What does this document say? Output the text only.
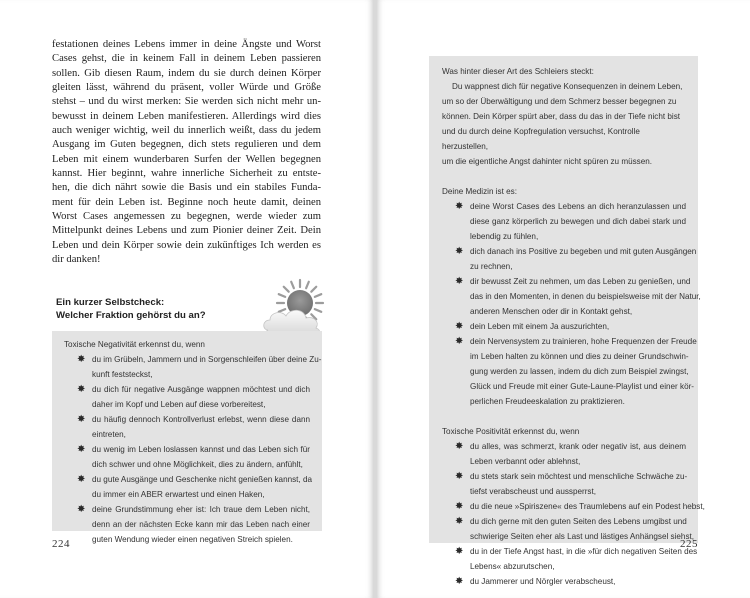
festationen deines Lebens immer in deine Ängste und Worst
Cases gehst, die in keinem Fall in deinem Leben passieren
sollen. Gib diesen Raum, indem du sie durch deinen Körper
gleiten lässt, während du präsent, voller Würde und Größe
stehst – und du wirst merken: Sie werden sich nicht mehr un-
bewusst in deinem Leben manifestieren. Allerdings wird dies
auch weniger wichtig, weil du innerlich weißt, dass du jedem
Ausgang im Guten begegnen, dich stets regulieren und dem
Leben mit einem wunderbaren Surfen der Wellen begegnen
kannst. Hier beginnt, wahre innerliche Sicherheit zu entste-
hen, die dich nährt sowie die Basis und ein stabiles Funda-
ment für dein Leben ist. Beginne noch heute damit, deinen
Worst Cases angemessen zu begegnen, werde wieder zum
Mittelpunkt deines Lebens und zum Pionier deiner Zeit. Dein
Leben und dein Körper sowie dein zukünftiges Ich werden es
dir danken!
Ein kurzer Selbstcheck:
Welcher Fraktion gehörst du an?

Toxische Negativität erkennst du, wenn

✸ du im Grübeln, Jammern und in Sorgenschleifen über deine Zu-
kunft feststeckst,
✸ du dich für negative Ausgänge wappnen möchtest und dich
daher im Kopf und Leben auf diese vorbereitest,
✸ du häufig dennoch Kontrollverlust erlebst, wenn diese dann
eintreten,
✸ du wenig im Leben loslassen kannst und das Leben sich für
dich schwer und ohne Möglichkeit, dies zu ändern, anfühlt,
✸ du gute Ausgänge und Geschenke nicht genießen kannst, da
du immer ein ABER erwartest und einen Haken,
✸ deine Grundstimmung eher ist: Ich traue dem Leben nicht,
denn an der nächsten Ecke kann mir das Leben nach einer
guten Wendung wieder einen negativen Streich spielen.
224

Was hinter dieser Art des Schleiers steckt:

Du wappnest dich für negative Konsequenzen in deinem Leben,

um so der Überwältigung und dem Schmerz besser begegnen zu

können. Dein Körper spürt aber, dass du das in der Tiefe nicht bist

und du durch deine Kopfregulation versuchst, Kontrolle herzustellen,

um die eigentliche Angst dahinter nicht spüren zu müssen.

Deine Medizin ist es:

✸ deine Worst Cases des Lebens an dich heranzulassen und
diese ganz körperlich zu bewegen und dich dabei stark und
lebendig zu fühlen,
✸ dich danach ins Positive zu begeben und mit guten Ausgängen
zu rechnen,
✸ dir bewusst Zeit zu nehmen, um das Leben zu genießen, und
das in den Momenten, in denen du beispielsweise mit der Natur,
anderen Menschen oder dir in Kontakt gehst,
✸ dein Leben mit einem Ja auszurichten,
✸ dein Nervensystem zu trainieren, hohe Frequenzen der Freude
im Leben halten zu können und dies zu deiner Grundschwin-
gung werden zu lassen, indem du dich zum Beispiel zwingst,
Glück und Freude mit einer Gute-Laune-Playlist und einer kör-
perlichen Freudeeskalation zu praktizieren.

Toxische Positivität erkennst du, wenn

✸ du alles, was schmerzt, krank oder negativ ist, aus deinem
Leben verbannt oder ablehnst,
✸ du stets stark sein möchtest und menschliche Schwäche zu-
tiefst verabscheust und aussperrst,
✸ du die neue »Spiriszene« des Traumlebens auf ein Podest hebst,
✸ du dich gerne mit den guten Seiten des Lebens umgibst und
schwierige Seiten eher als Last und lästiges Anhängsel siehst,
✸ du in der Tiefe Angst hast, in die »für dich negativen Seiten des
Lebens« abzurutschen,
✸ du Jammerer und Nörgler verabscheust,
225
